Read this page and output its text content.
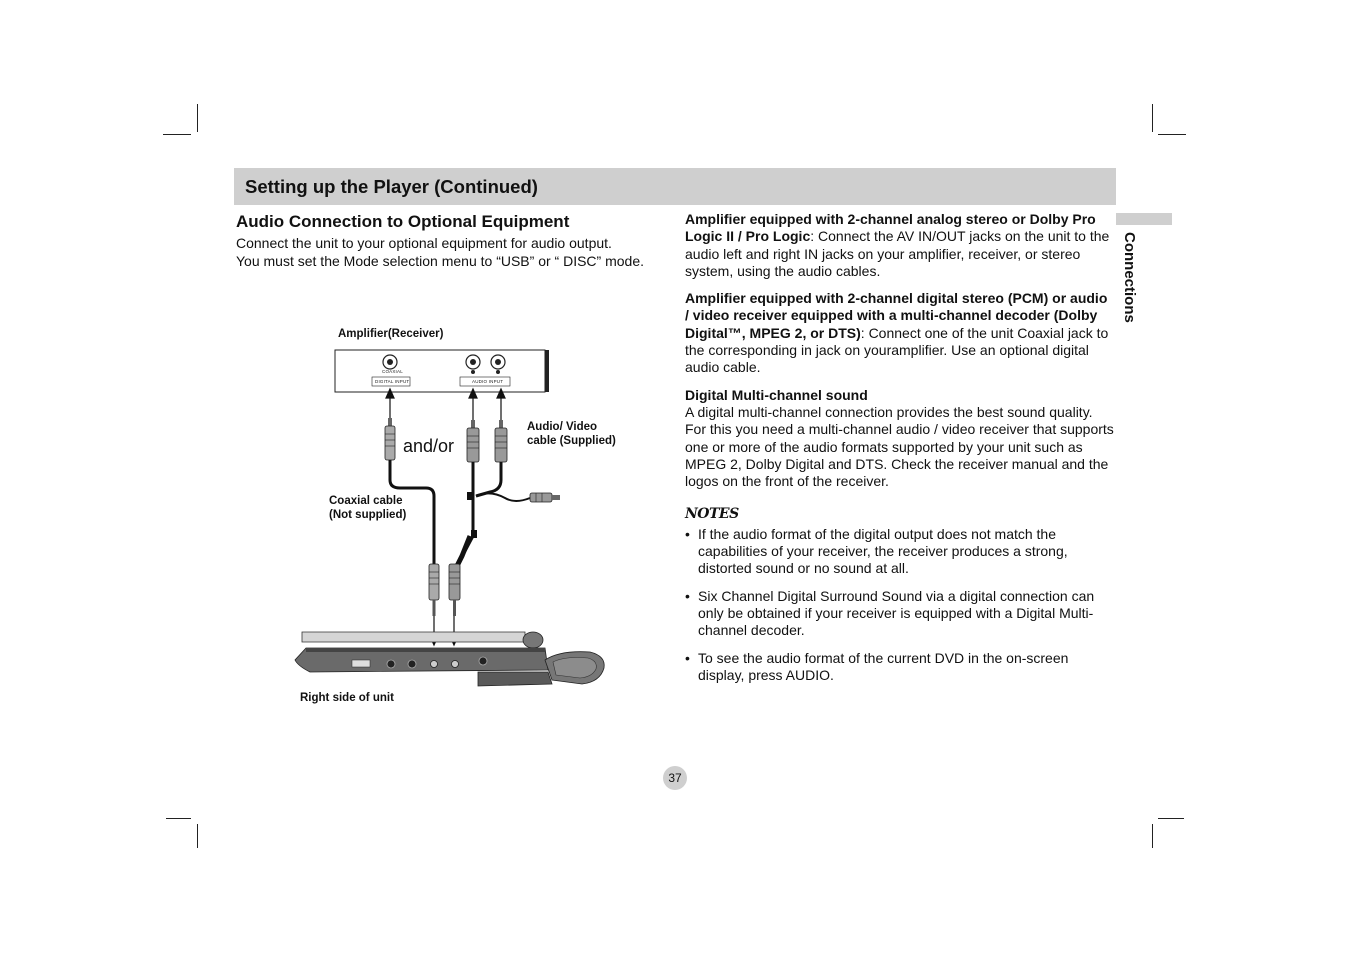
Setting up the Player (Continued)
Connections
Audio Connection to Optional Equipment

Connect the unit to your optional equipment for audio output.

You must set the Mode selection menu to “USB” or “ DISC” mode.

Amplifier(Receiver)
COAXIAL
DIGITAL INPUT	AUDIO INPUT
and/or
Audio/ Video
cable (Supplied)
Coaxial cable
(Not supplied)
Right side of unit

Amplifier equipped with 2-channel analog stereo or Dolby Pro Logic II / Pro Logic: Connect the AV IN/OUT jacks on the unit to the audio left and right IN jacks on your amplifier, receiver, or stereo system, using the audio cables.

Amplifier equipped with 2-channel digital stereo (PCM) or audio / video receiver equipped with a multi-channel decoder (Dolby Digital™, MPEG 2, or DTS): Connect one of the unit Coaxial jack to the corresponding in jack on youramplifier. Use an optional digital audio cable.

Digital Multi-channel sound

A digital multi-channel connection provides the best sound quality. For this you need a multi-channel audio / video receiver that supports one or more of the audio formats supported by your unit such as MPEG 2, Dolby Digital and DTS. Check the receiver manual and the logos on the front of the receiver.

NOTES
• If the audio format of the digital output does not match the capabilities of your receiver, the receiver produces a strong, distorted sound or no sound at all.
• Six Channel Digital Surround Sound via a digital connection can only be obtained if your receiver is equipped with a Digital Multi-channel decoder.
• To see the audio format of the current DVD in the on-screen display, press AUDIO.
37
